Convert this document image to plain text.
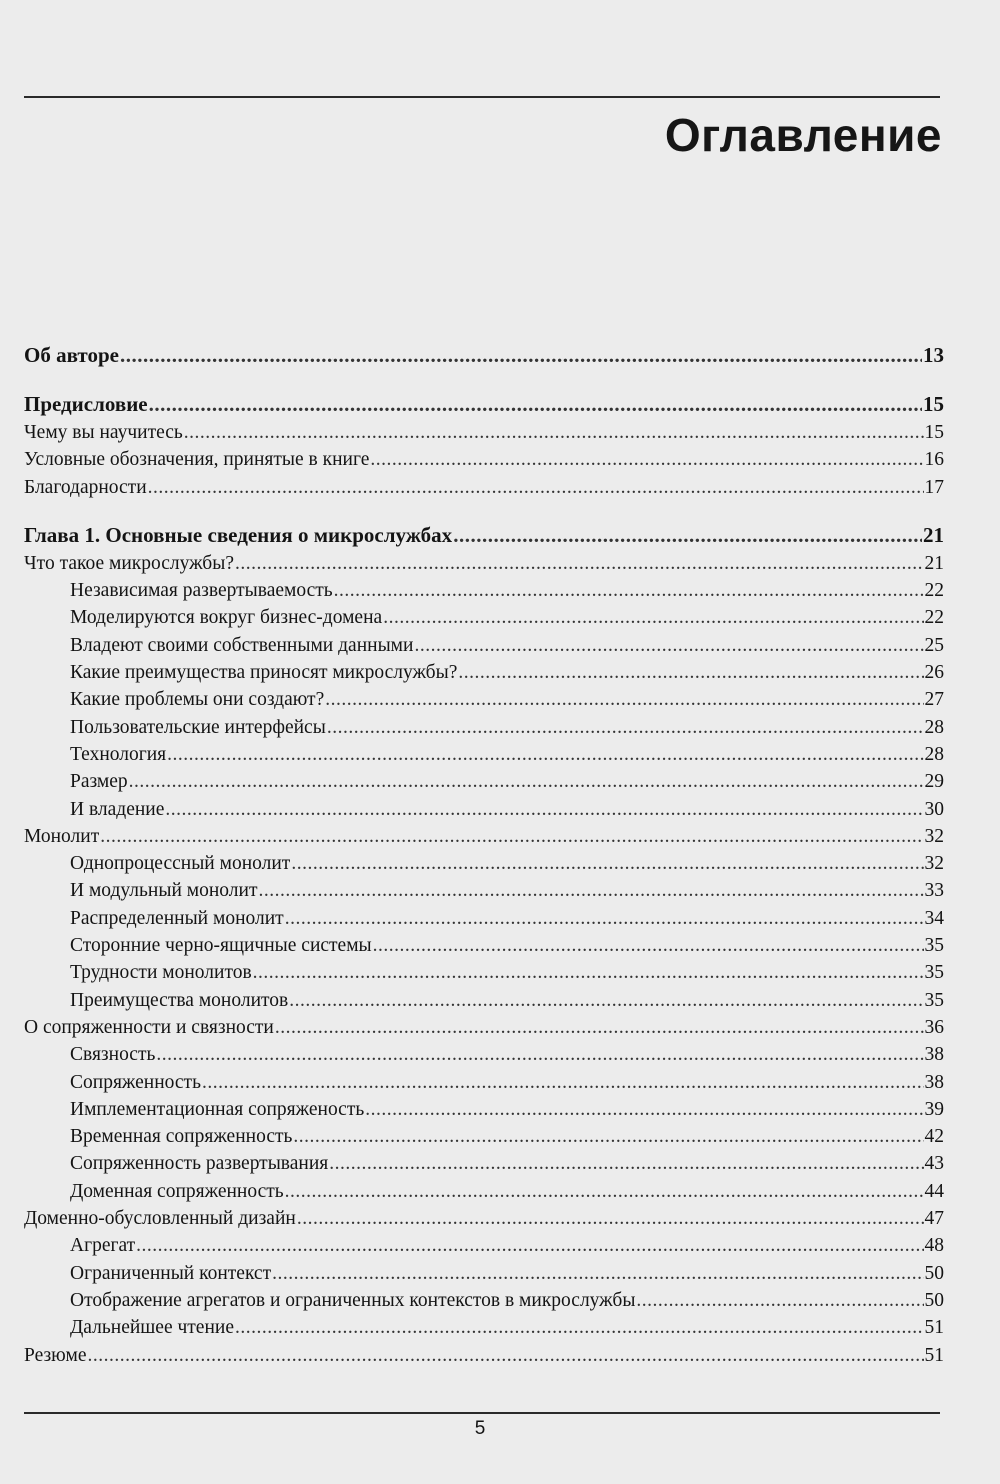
Оглавление
Об авторе .....	13
Предисловие .....	15
Чему вы научитесь .....	15
Условные обозначения, принятые в книге .....	16
Благодарности .....	17
Глава 1. Основные сведения о микрослужбах .....	21
Что такое микрослужбы? .....	21
Независимая развертываемость .....	22
Моделируются вокруг бизнес-домена .....	22
Владеют своими собственными данными .....	25
Какие преимущества приносят микрослужбы? .....	26
Какие проблемы они создают? .....	27
Пользовательские интерфейсы .....	28
Технология .....	28
Размер .....	29
И владение .....	30
Монолит .....	32
Однопроцессный монолит .....	32
И модульный монолит .....	33
Распределенный монолит .....	34
Сторонние черно-ящичные системы .....	35
Трудности монолитов .....	35
Преимущества монолитов .....	35
О сопряженности и связности .....	36
Связность .....	38
Сопряженность .....	38
Имплементационная сопряженость .....	39
Временная сопряженность .....	42
Сопряженность развертывания .....	43
Доменная сопряженность .....	44
Доменно-обусловленный дизайн .....	47
Агрегат .....	48
Ограниченный контекст .....	50
Отображение агрегатов и ограниченных контекстов в микрослужбы .....	50
Дальнейшее чтение .....	51
Резюме .....	51
5
